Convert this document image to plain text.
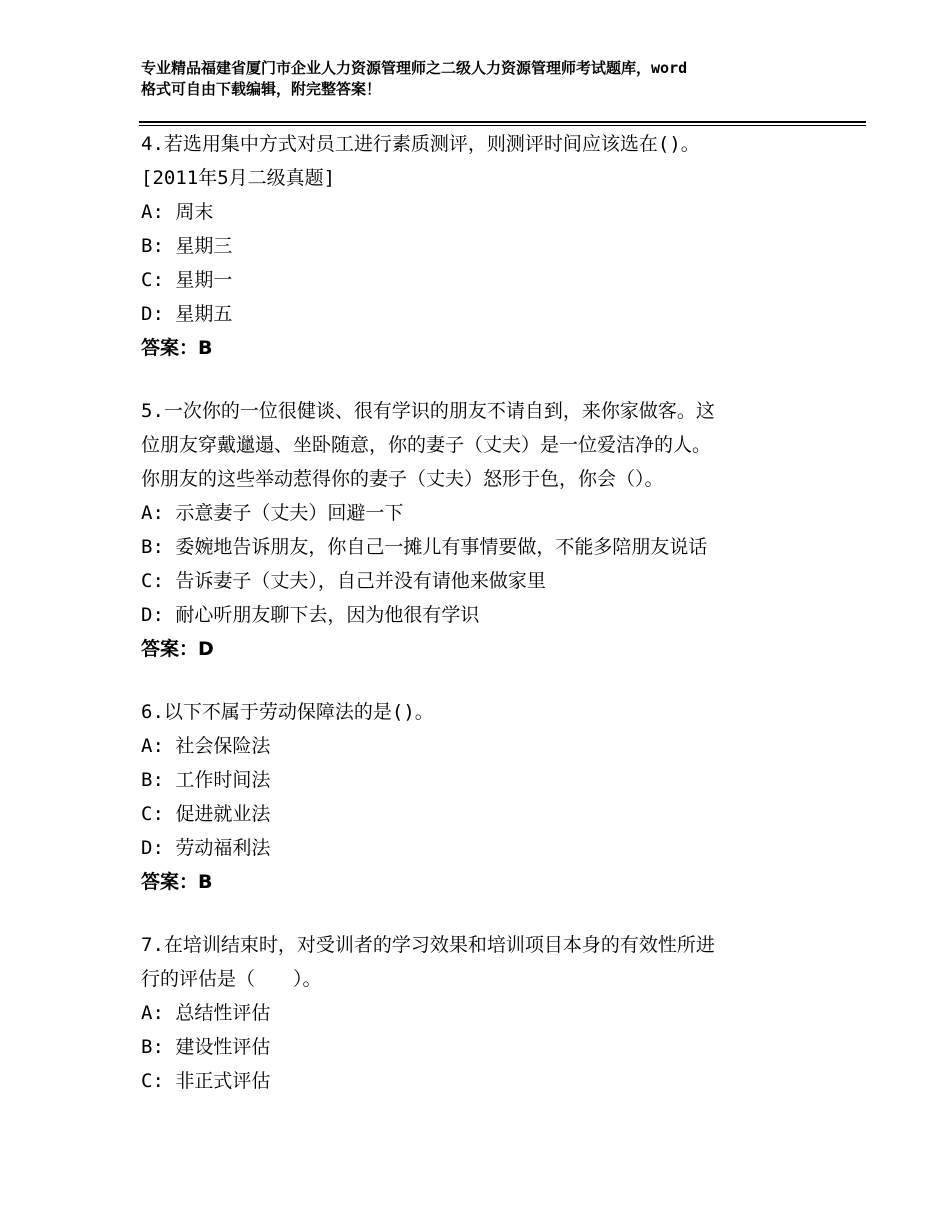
专业精品福建省厦门市企业人力资源管理师之二级人力资源管理师考试题库，word
格式可自由下载编辑，附完整答案！
4.若选用集中方式对员工进行素质测评，则测评时间应该选在()。
[2011年5月二级真题]
A: 周末
B: 星期三
C: 星期一
D: 星期五
答案：B
5.一次你的一位很健谈、很有学识的朋友不请自到，来你家做客。这
位朋友穿戴邋遢、坐卧随意，你的妻子（丈夫）是一位爱洁净的人。
你朋友的这些举动惹得你的妻子（丈夫）怒形于色，你会（）。
A: 示意妻子（丈夫）回避一下
B: 委婉地告诉朋友，你自己一摊儿有事情要做，不能多陪朋友说话
C: 告诉妻子（丈夫），自己并没有请他来做家里
D: 耐心听朋友聊下去，因为他很有学识
答案：D
6.以下不属于劳动保障法的是()。
A: 社会保险法
B: 工作时间法
C: 促进就业法
D: 劳动福利法
答案：B
7.在培训结束时，对受训者的学习效果和培训项目本身的有效性所进
行的评估是（　　）。
A: 总结性评估
B: 建设性评估
C: 非正式评估
